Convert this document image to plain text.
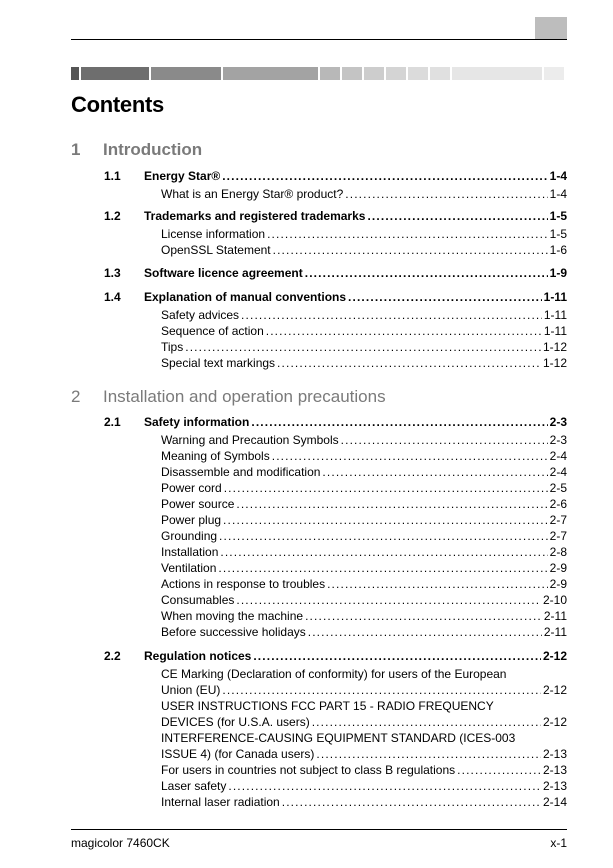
Contents
1 Introduction
1.1	Energy Star® . . .	1-4
What is an Energy Star® product? . . .	1-4
1.2	Trademarks and registered trademarks . . .	1-5
License information . . .	1-5
OpenSSL Statement . . .	1-6
1.3	Software licence agreement . . .	1-9
1.4	Explanation of manual conventions . . .	1-11
Safety advices . . .	1-11
Sequence of action . . .	1-11
Tips . . .	1-12
Special text markings . . .	1-12
2 Installation and operation precautions
2.1	Safety information . . .	2-3
Warning and Precaution Symbols . . .	2-3
Meaning of Symbols . . .	2-4
Disassemble and modification . . .	2-4
Power cord . . .	2-5
Power source . . .	2-6
Power plug . . .	2-7
Grounding . . .	2-7
Installation . . .	2-8
Ventilation . . .	2-9
Actions in response to troubles . . .	2-9
Consumables . . .	2-10
When moving the machine . . .	2-11
Before successive holidays . . .	2-11
2.2	Regulation notices . . .	2-12
CE Marking (Declaration of conformity) for users of the European
Union (EU) . . .	2-12
USER INSTRUCTIONS FCC PART 15 - RADIO FREQUENCY
DEVICES (for U.S.A. users) . . .	2-12
INTERFERENCE-CAUSING EQUIPMENT STANDARD (ICES-003
ISSUE 4) (for Canada users) . . .	2-13
For users in countries not subject to class B regulations . . .	2-13
Laser safety . . .	2-13
Internal laser radiation . . .	2-14
magicolor 7460CK	x-1
